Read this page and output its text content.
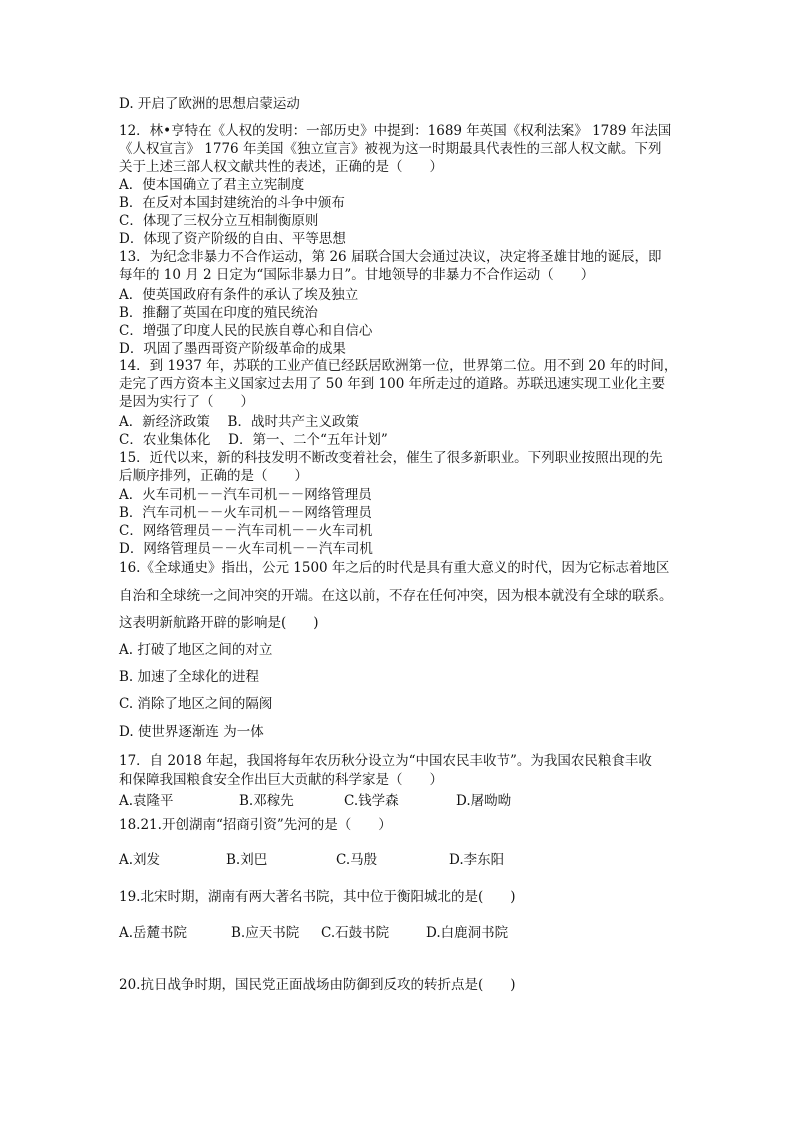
D. 开启了欧洲的思想启蒙运动
12．林•亨特在《人权的发明：一部历史》中提到：1689 年英国《权利法案》 1789 年法国
《人权宣言》 1776 年美国《独立宣言》被视为这一时期最具代表性的三部人权文献。下列
关于上述三部人权文献共性的表述，正确的是（　　）
A．使本国确立了君主立宪制度
B．在反对本国封建统治的斗争中颁布
C．体现了三权分立互相制衡原则
D．体现了资产阶级的自由、平等思想
13．为纪念非暴力不合作运动，第 26 届联合国大会通过决议，决定将圣雄甘地的诞辰，即
每年的 10 月 2 日定为“国际非暴力日”。甘地领导的非暴力不合作运动（　　）
A．使英国政府有条件的承认了埃及独立
B．推翻了英国在印度的殖民统治
C．增强了印度人民的民族自尊心和自信心
D．巩固了墨西哥资产阶级革命的成果
14．到 1937 年，苏联的工业产值已经跃居欧洲第一位，世界第二位。用不到 20 年的时间，
走完了西方资本主义国家过去用了 50 年到 100 年所走过的道路。苏联迅速实现工业化主要
是因为实行了（　　）
A．新经济政策　 B．战时共产主义政策
C．农业集体化　 D．第一、二个“五年计划”
15．近代以来，新的科技发明不断改变着社会，催生了很多新职业。下列职业按照出现的先
后顺序排列，正确的是（　　）
A．火车司机－－汽车司机－－网络管理员
B．汽车司机－－火车司机－－网络管理员
C．网络管理员－－汽车司机－－火车司机
D．网络管理员－－火车司机－－汽车司机
16.《全球通史》指出，公元 1500 年之后的时代是具有重大意义的时代，因为它标志着地区
自治和全球统一之间冲突的开端。在这以前，不存在任何冲突，因为根本就没有全球的联系。
这表明新航路开辟的影响是(　　)
A. 打破了地区之间的对立
B. 加速了全球化的进程
C. 消除了地区之间的隔阂
D. 使世界逐渐连 为一体
17．自 2018 年起，我国将每年农历秋分设立为“中国农民丰收节”。为我国农民粮食丰收
和保障我国粮食安全作出巨大贡献的科学家是（　　）
A.袁隆平	B.邓稼先	C.钱学森	D.屠呦呦
18.21.开创湖南“招商引资”先河的是（　　）
A.刘发	B.刘巴	C.马殷	D.李东阳
19.北宋时期，湖南有两大著名书院，其中位于衡阳城北的是(　　)
A.岳麓书院	B.应天书院 C.石鼓书院	D.白鹿洞书院
20.抗日战争时期，国民党正面战场由防御到反攻的转折点是(　　)
